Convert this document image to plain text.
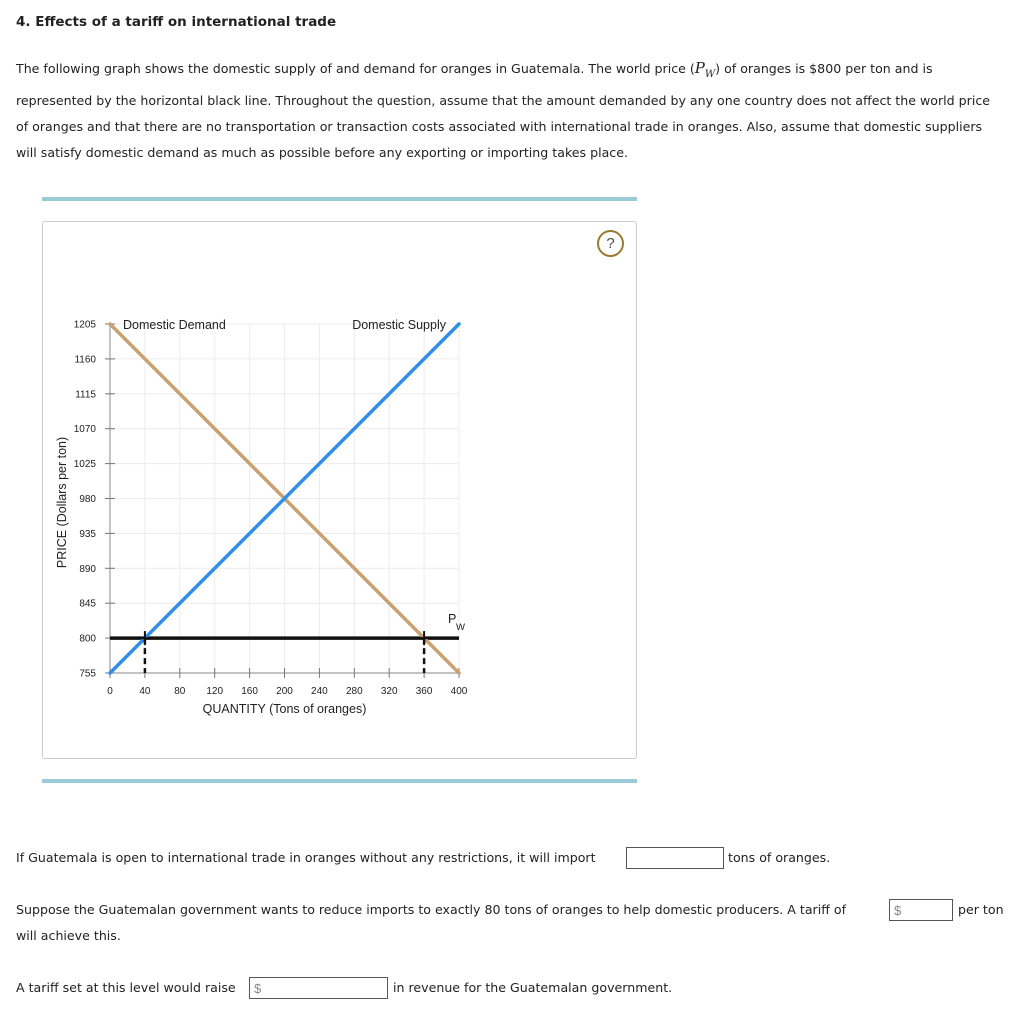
4. Effects of a tariff on international trade

The following graph shows the domestic supply of and demand for oranges in Guatemala. The world price $(P_W)$ of oranges is $800 per ton and is represented by the horizontal black line. Throughout the question, assume that the amount demanded by any one country does not affect the world price of oranges and that there are no transportation or transaction costs associated with international trade in oranges. Also, assume that domestic suppliers will satisfy domestic demand as much as possible before any exporting or importing takes place.

?
1205
1160
1115
1070
1025
980
935
890
845
800
755
0	40 80 120 160 200 240 280 320 360 400
QUANTITY (Tons of oranges)
PRICE (Dollars per ton)
Domestic Demand	Domestic Supply
P
W
If Guatemala is open to international trade in oranges without any restrictions, it will import	tons of oranges.
Suppose the Guatemalan government wants to reduce imports to exactly 80 tons of oranges to help domestic producers. A tariff of
$	per ton
will achieve this.
A tariff set at this level would raise
$	in revenue for the Guatemalan government.
